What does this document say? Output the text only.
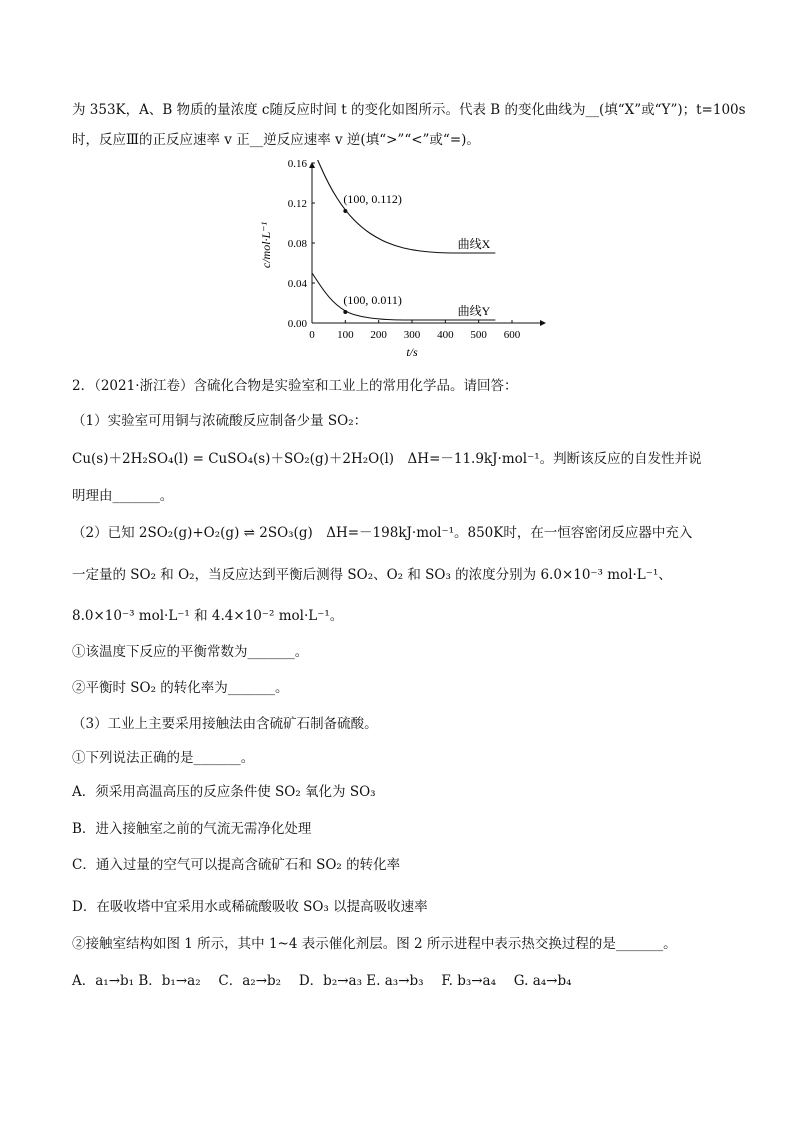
为 353K，A、B 物质的量浓度 c随反应时间 t 的变化如图所示。代表 B 的变化曲线为__(填“X”或“Y”)；t=100s
时，反应Ⅲ的正反应速率 v 正__逆反应速率 v 逆(填“>”“<”或“=)。
0 100 200 300 400 500 600
0.00
0.04
0.08
0.12
0.16
曲线X
曲线Y
(100, 0.112)
(100, 0.011)
c/mol·L⁻¹
t/s
2．（2021·浙江卷）含硫化合物是实验室和工业上的常用化学品。请回答：
（1）实验室可用铜与浓硫酸反应制备少量 SO₂：
Cu(s)＋2H₂SO₄(l) = CuSO₄(s)＋SO₂(g)＋2H₂O(l)　ΔH=－11.9kJ·mol⁻¹。判断该反应的自发性并说
明理由_______。
（2）已知 2SO₂(g)+O₂(g) ⇌ 2SO₃(g)　ΔH=－198kJ·mol⁻¹。850K时，在一恒容密闭反应器中充入
一定量的 SO₂ 和 O₂，当反应达到平衡后测得 SO₂、O₂ 和 SO₃ 的浓度分别为 6.0×10⁻³ mol·L⁻¹、
8.0×10⁻³ mol·L⁻¹ 和 4.4×10⁻² mol·L⁻¹。
①该温度下反应的平衡常数为_______。
②平衡时 SO₂ 的转化率为_______。
（3）工业上主要采用接触法由含硫矿石制备硫酸。
①下列说法正确的是_______。
A．须采用高温高压的反应条件使 SO₂ 氧化为 SO₃
B．进入接触室之前的气流无需净化处理
C．通入过量的空气可以提高含硫矿石和 SO₂ 的转化率
D．在吸收塔中宜采用水或稀硫酸吸收 SO₃ 以提高吸收速率
②接触室结构如图 1 所示，其中 1~4 表示催化剂层。图 2 所示进程中表示热交换过程的是_______。
A．a₁→b₁ B．b₁→a₂　 C．a₂→b₂　 D．b₂→a₃ E. a₃→b₃　 F. b₃→a₄　 G. a₄→b₄
